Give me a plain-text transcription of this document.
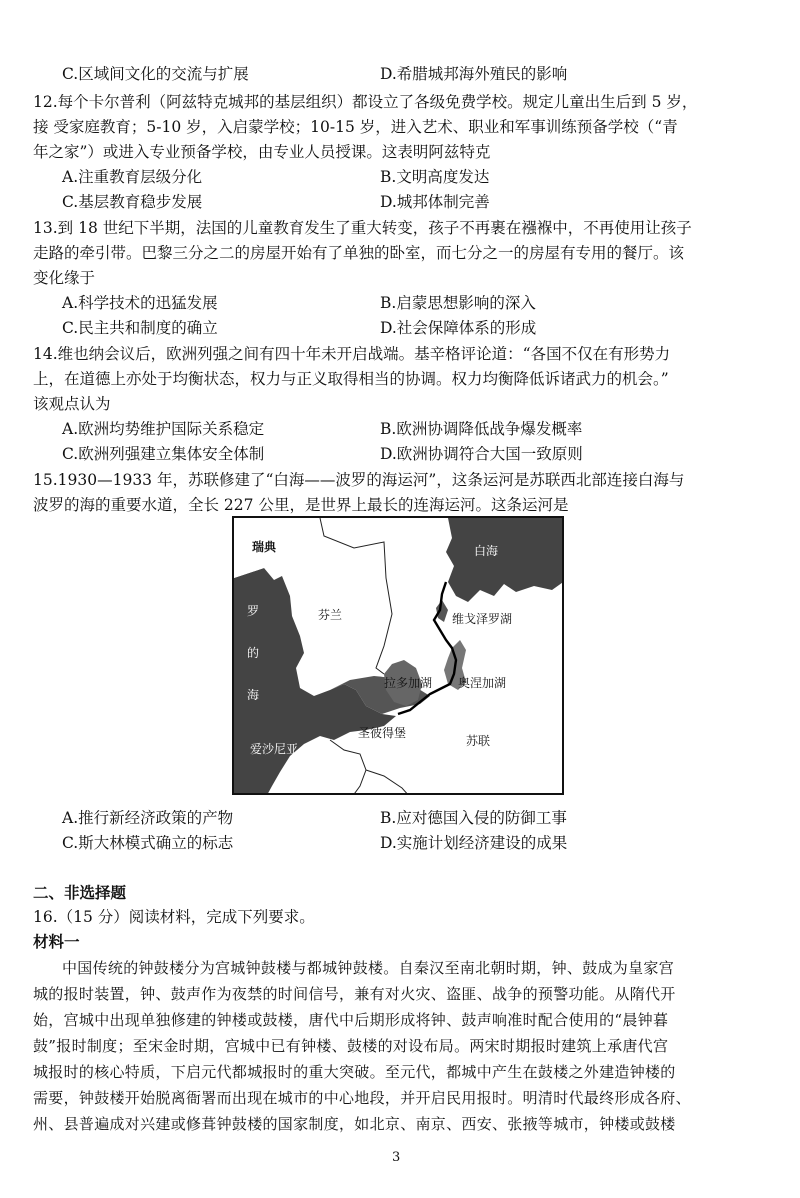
C.区域间文化的交流与扩展	D.希腊城邦海外殖民的影响
12.每个卡尔普利（阿兹特克城邦的基层组织）都设立了各级免费学校。规定儿童出生后到 5 岁，
接 受家庭教育；5-10 岁，入启蒙学校；10-15 岁，进入艺术、职业和军事训练预备学校（“青
年之家”）或进入专业预备学校，由专业人员授课。这表明阿兹特克
A.注重教育层级分化	B.文明高度发达
C.基层教育稳步发展	D.城邦体制完善
13.到 18 世纪下半期，法国的儿童教育发生了重大转变，孩子不再裹在襁褓中，不再使用让孩子
走路的牵引带。巴黎三分之二的房屋开始有了单独的卧室，而七分之一的房屋有专用的餐厅。该
变化缘于
A.科学技术的迅猛发展	B.启蒙思想影响的深入
C.民主共和制度的确立	D.社会保障体系的形成
14.维也纳会议后，欧洲列强之间有四十年未开启战端。基辛格评论道：“各国不仅在有形势力
上，在道德上亦处于均衡状态，权力与正义取得相当的协调。权力均衡降低诉诸武力的机会。”
该观点认为
A.欧洲均势维护国际关系稳定	B.欧洲协调降低战争爆发概率
C.欧洲列强建立集体安全体制	D.欧洲协调符合大国一致原则
15.1930—1933 年，苏联修建了“白海——波罗的海运河”，这条运河是苏联西北部连接白海与
波罗的海的重要水道，全长 227 公里，是世界上最长的连海运河。这条运河是
瑞典
波
罗
的
海
芬兰
白海
维戈泽罗湖
拉多加湖 奥涅加湖
圣彼得堡
苏联
爱沙尼亚
A.推行新经济政策的产物	B.应对德国入侵的防御工事
C.斯大林模式确立的标志	D.实施计划经济建设的成果
二、非选择题
16.（15 分）阅读材料，完成下列要求。
材料一
中国传统的钟鼓楼分为宫城钟鼓楼与都城钟鼓楼。自秦汉至南北朝时期，钟、鼓成为皇家宫
城的报时装置，钟、鼓声作为夜禁的时间信号，兼有对火灾、盗匪、战争的预警功能。从隋代开
始，宫城中出现单独修建的钟楼或鼓楼，唐代中后期形成将钟、鼓声响准时配合使用的“晨钟暮
鼓”报时制度；至宋金时期，宫城中已有钟楼、鼓楼的对设布局。两宋时期报时建筑上承唐代宫
城报时的核心特质，下启元代都城报时的重大突破。至元代，都城中产生在鼓楼之外建造钟楼的
需要，钟鼓楼开始脱离衙署而出现在城市的中心地段，并开启民用报时。明清时代最终形成各府、
州、县普遍成对兴建或修葺钟鼓楼的国家制度，如北京、南京、西安、张掖等城市，钟楼或鼓楼
3
